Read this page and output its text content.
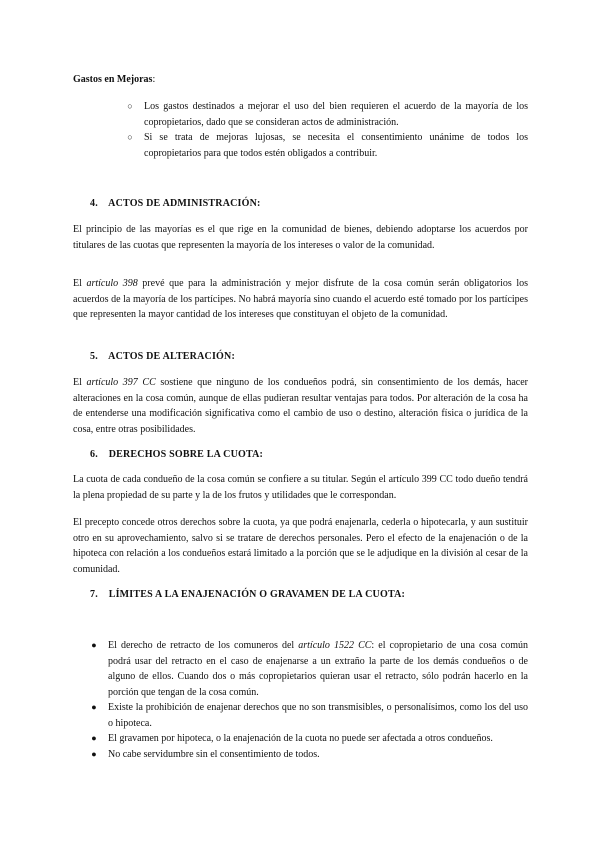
Gastos en Mejoras:
○	Los gastos destinados a mejorar el uso del bien requieren el acuerdo de la mayoría de los copropietarios, dado que se consideran actos de administración.
○	Si se trata de mejoras lujosas, se necesita el consentimiento unánime de todos los copropietarios para que todos estén obligados a contribuir.
4. ACTOS DE ADMINISTRACIÓN:
El principio de las mayorías es el que rige en la comunidad de bienes, debiendo adoptarse los acuerdos por titulares de las cuotas que representen la mayoría de los intereses o valor de la comunidad.
El artículo 398 prevé que para la administración y mejor disfrute de la cosa común serán obligatorios los acuerdos de la mayoría de los partícipes. No habrá mayoría sino cuando el acuerdo esté tomado por los partícipes que representen la mayor cantidad de los intereses que constituyan el objeto de la comunidad.
5. ACTOS DE ALTERACIÓN:
El artículo 397 CC sostiene que ninguno de los condueños podrá, sin consentimiento de los demás, hacer alteraciones en la cosa común, aunque de ellas pudieran resultar ventajas para todos. Por alteración de la cosa ha de entenderse una modificación significativa como el cambio de uso o destino, alteración física o jurídica de la cosa, entre otras posibilidades.
6. DERECHOS SOBRE LA CUOTA:
La cuota de cada condueño de la cosa común se confiere a su titular. Según el artículo 399 CC todo dueño tendrá la plena propiedad de su parte y la de los frutos y utilidades que le correspondan.
El precepto concede otros derechos sobre la cuota, ya que podrá enajenarla, cederla o hipotecarla, y aun sustituir otro en su aprovechamiento, salvo si se tratare de derechos personales. Pero el efecto de la enajenación o de la hipoteca con relación a los condueños estará limitado a la porción que se le adjudique en la división al cesar de la comunidad.
7. LÍMITES A LA ENAJENACIÓN O GRAVAMEN DE LA CUOTA:
● El derecho de retracto de los comuneros del artículo 1522 CC: el copropietario de una cosa común podrá usar del retracto en el caso de enajenarse a un extraño la parte de los demás condueños o de alguno de ellos. Cuando dos o más copropietarios quieran usar el retracto, sólo podrán hacerlo en la porción que tengan de la cosa común.
● Existe la prohibición de enajenar derechos que no son transmisibles, o personalísimos, como los del uso o hipoteca.
● El gravamen por hipoteca, o la enajenación de la cuota no puede ser afectada a otros condueños.
● No cabe servidumbre sin el consentimiento de todos.
